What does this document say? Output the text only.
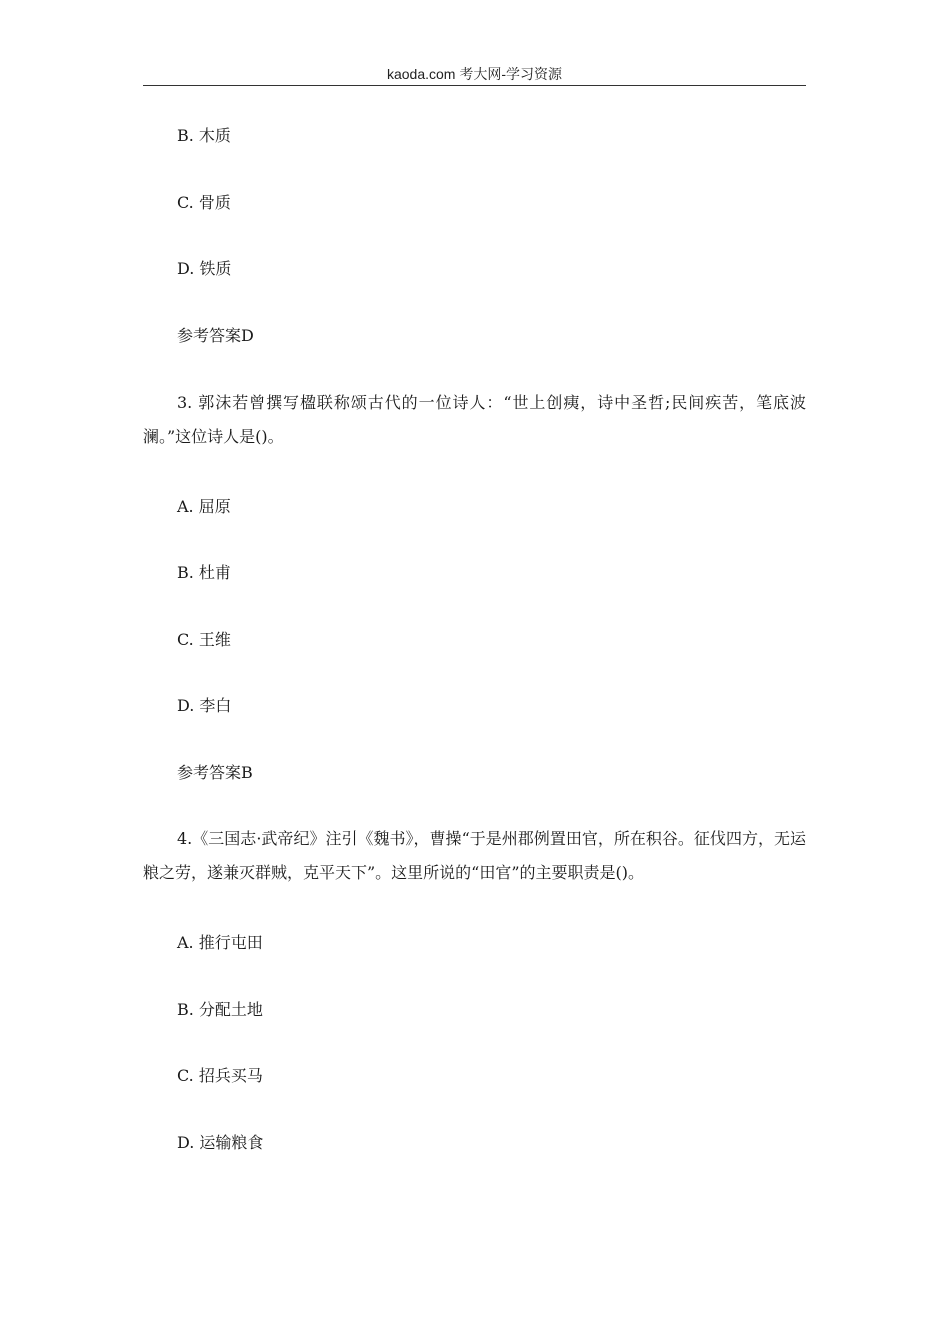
kaoda.com 考大网-学习资源
B. 木质
C. 骨质
D. 铁质
参考答案D
3. 郭沫若曾撰写楹联称颂古代的一位诗人：“世上创痍，诗中圣哲;民间疾苦，笔底波澜。”这位诗人是()。
A. 屈原
B. 杜甫
C. 王维
D. 李白
参考答案B
4.《三国志·武帝纪》注引《魏书》，曹操“于是州郡例置田官，所在积谷。征伐四方，无运粮之劳，遂兼灭群贼，克平天下”。这里所说的“田官”的主要职责是()。
A. 推行屯田
B. 分配土地
C. 招兵买马
D. 运输粮食
